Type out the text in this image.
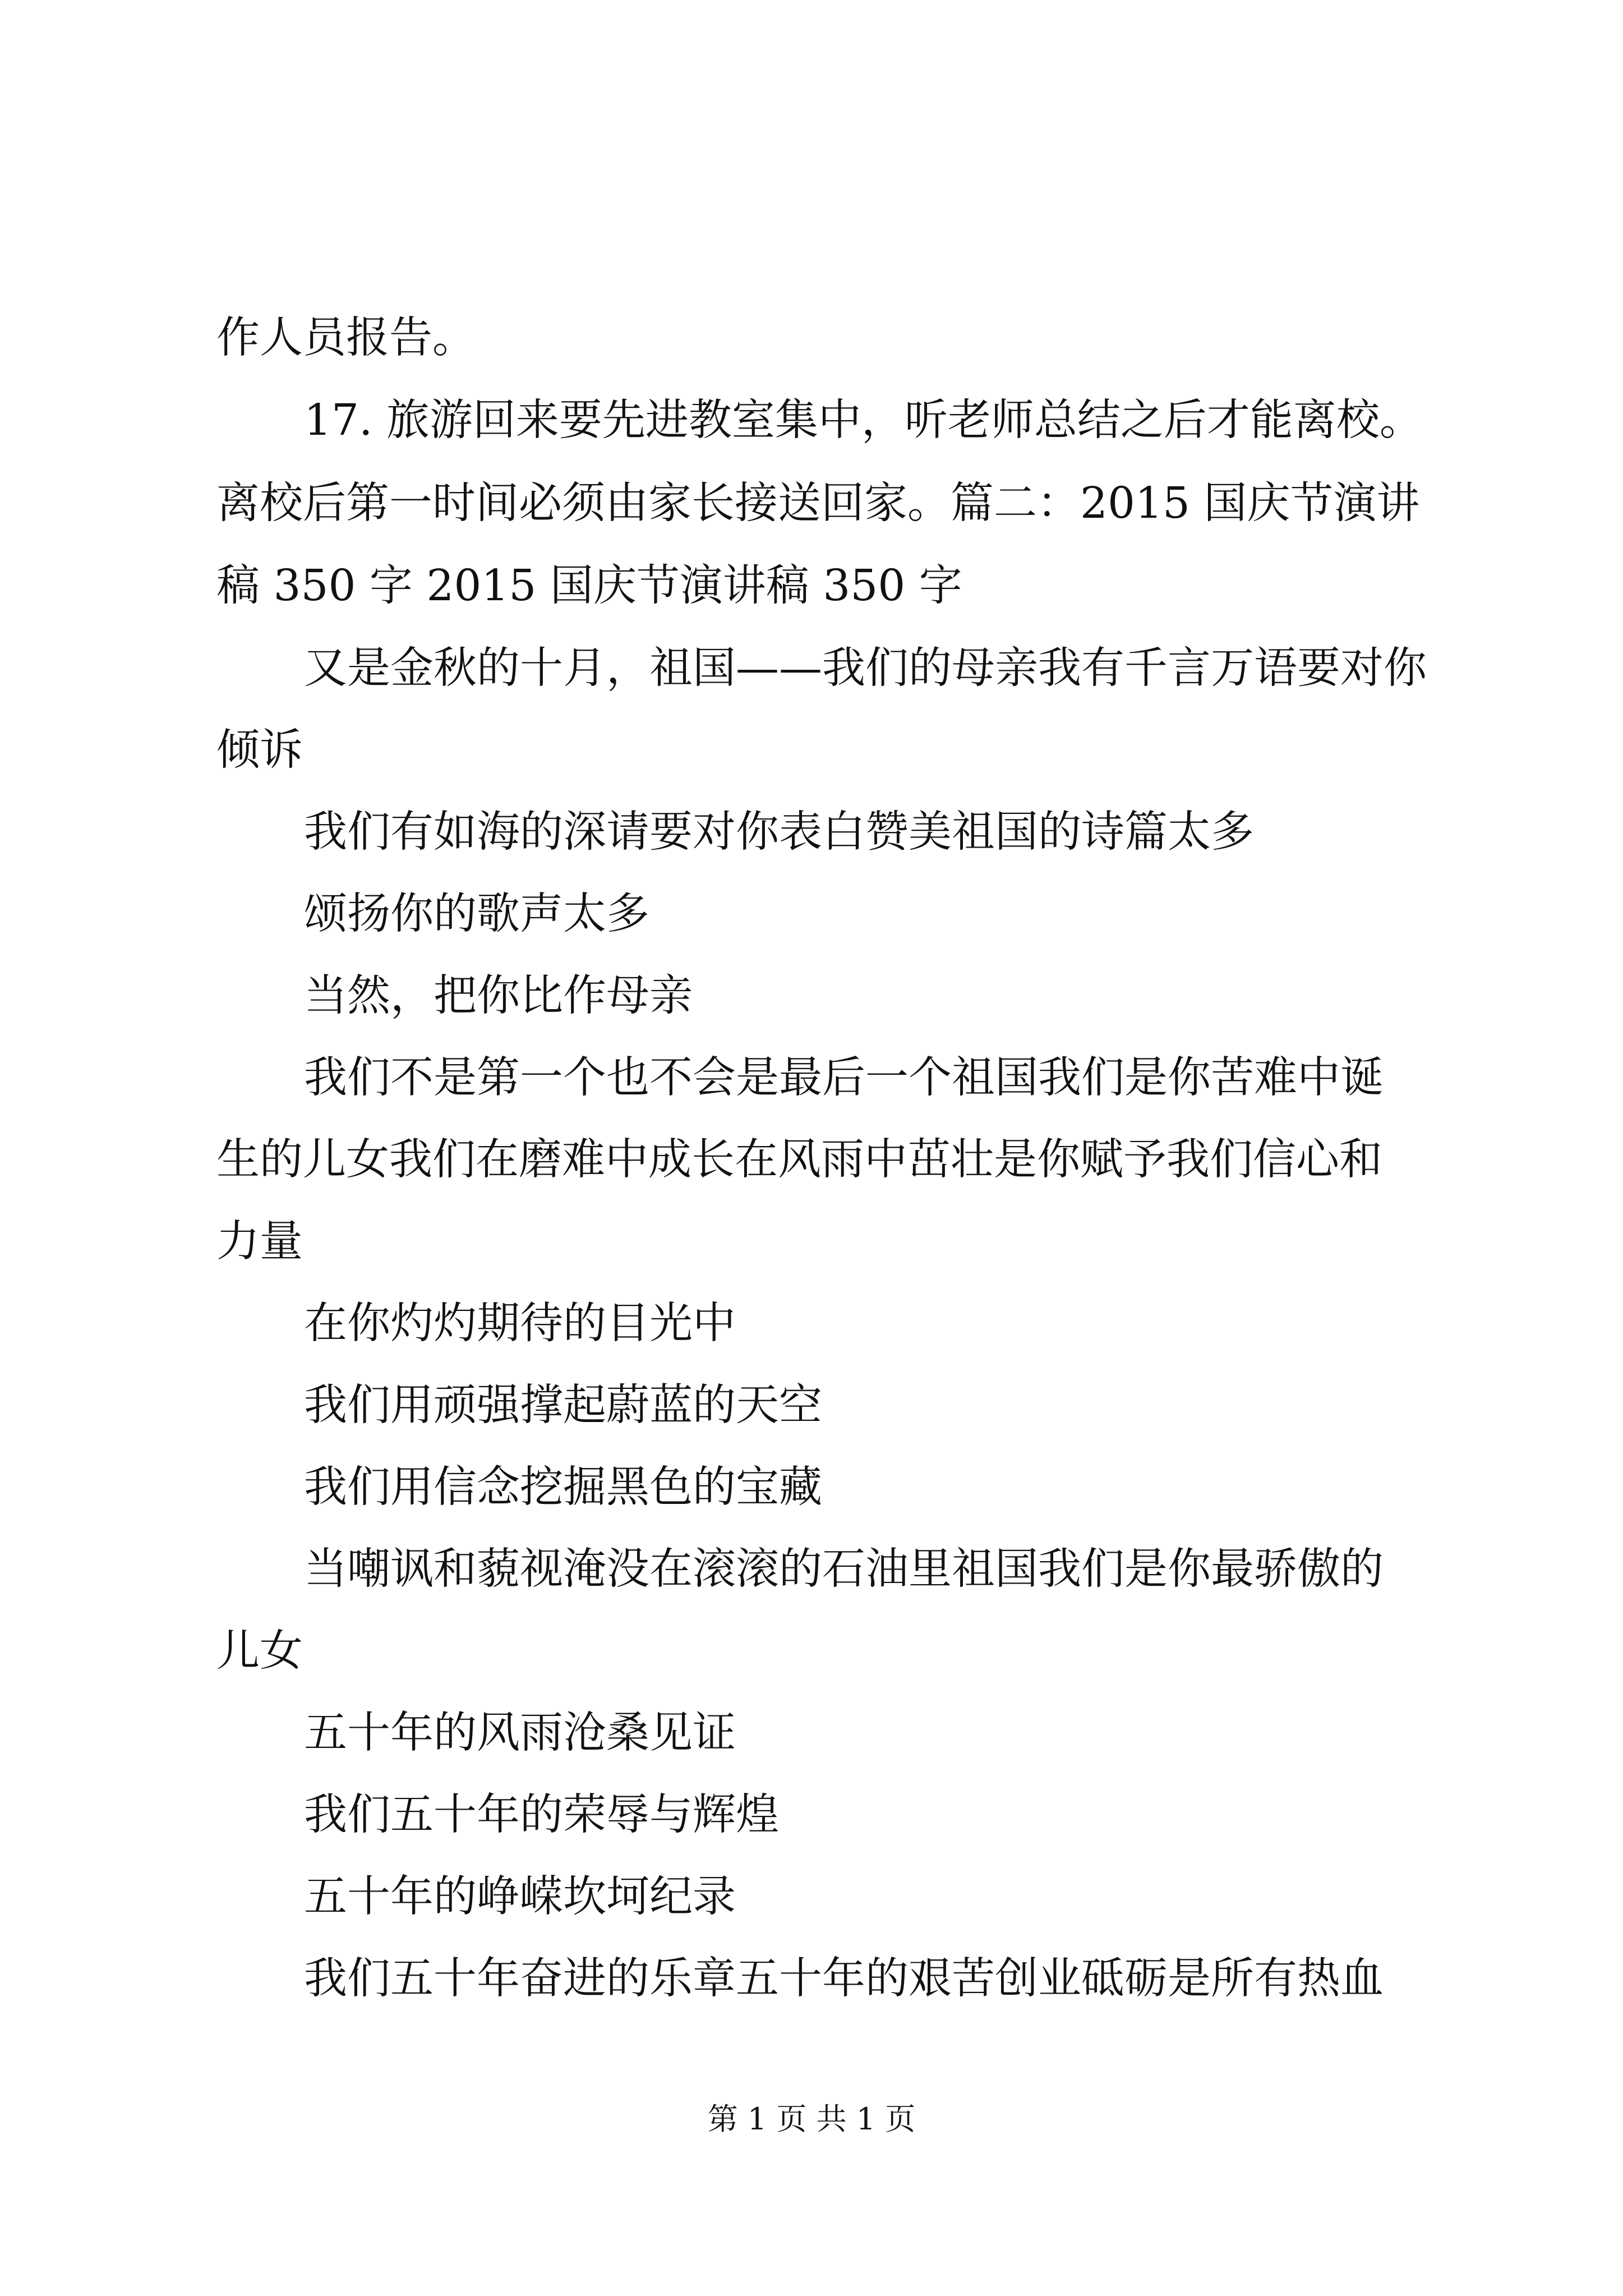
作人员报告。
17. 旅游回来要先进教室集中，听老师总结之后才能离校。
离校后第一时间必须由家长接送回家。篇二：2015 国庆节演讲
稿 350 字 2015 国庆节演讲稿 350 字
又是金秋的十月，祖国——我们的母亲我有千言万语要对你
倾诉
我们有如海的深请要对你表白赞美祖国的诗篇太多
颂扬你的歌声太多
当然，把你比作母亲
我们不是第一个也不会是最后一个祖国我们是你苦难中诞
生的儿女我们在磨难中成长在风雨中茁壮是你赋予我们信心和
力量
在你灼灼期待的目光中
我们用顽强撑起蔚蓝的天空
我们用信念挖掘黑色的宝藏
当嘲讽和藐视淹没在滚滚的石油里祖国我们是你最骄傲的
儿女
五十年的风雨沧桑见证
我们五十年的荣辱与辉煌
五十年的峥嵘坎坷纪录
我们五十年奋进的乐章五十年的艰苦创业砥砺是所有热血
第 1 页 共 1 页
